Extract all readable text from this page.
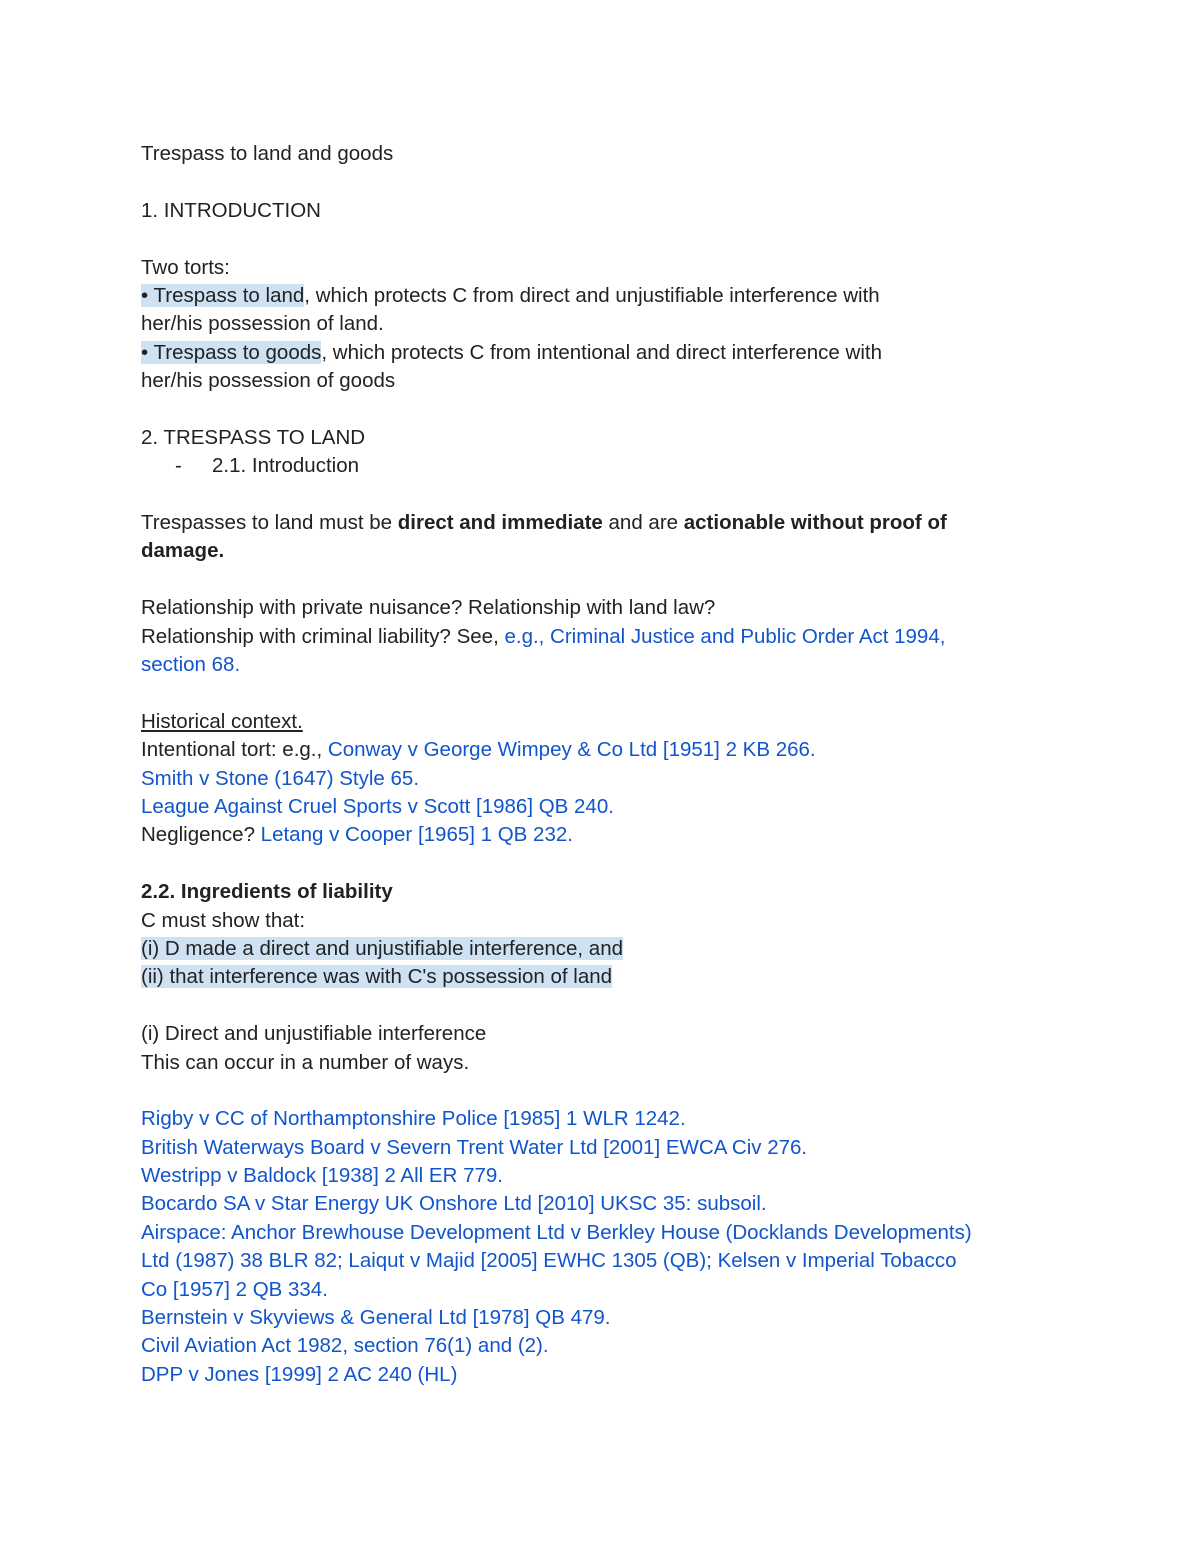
Trespass to land and goods
1. INTRODUCTION
Two torts:
• Trespass to land, which protects C from direct and unjustifiable interference with
her/his possession of land.
• Trespass to goods, which protects C from intentional and direct interference with
her/his possession of goods
2. TRESPASS TO LAND
- 2.1. Introduction
Trespasses to land must be direct and immediate and are actionable without proof of
damage.
Relationship with private nuisance? Relationship with land law?
Relationship with criminal liability? See, e.g., Criminal Justice and Public Order Act 1994,
section 68.
Historical context.
Intentional tort: e.g., Conway v George Wimpey & Co Ltd [1951] 2 KB 266.
Smith v Stone (1647) Style 65.
League Against Cruel Sports v Scott [1986] QB 240.
Negligence? Letang v Cooper [1965] 1 QB 232.
2.2. Ingredients of liability
C must show that:
(i) D made a direct and unjustifiable interference, and
(ii) that interference was with C's possession of land
(i) Direct and unjustifiable interference
This can occur in a number of ways.
Rigby v CC of Northamptonshire Police [1985] 1 WLR 1242.
British Waterways Board v Severn Trent Water Ltd [2001] EWCA Civ 276.
Westripp v Baldock [1938] 2 All ER 779.
Bocardo SA v Star Energy UK Onshore Ltd [2010] UKSC 35: subsoil.
Airspace: Anchor Brewhouse Development Ltd v Berkley House (Docklands Developments)
Ltd (1987) 38 BLR 82; Laiqut v Majid [2005] EWHC 1305 (QB); Kelsen v Imperial Tobacco
Co [1957] 2 QB 334.
Bernstein v Skyviews & General Ltd [1978] QB 479.
Civil Aviation Act 1982, section 76(1) and (2).
DPP v Jones [1999] 2 AC 240 (HL)
